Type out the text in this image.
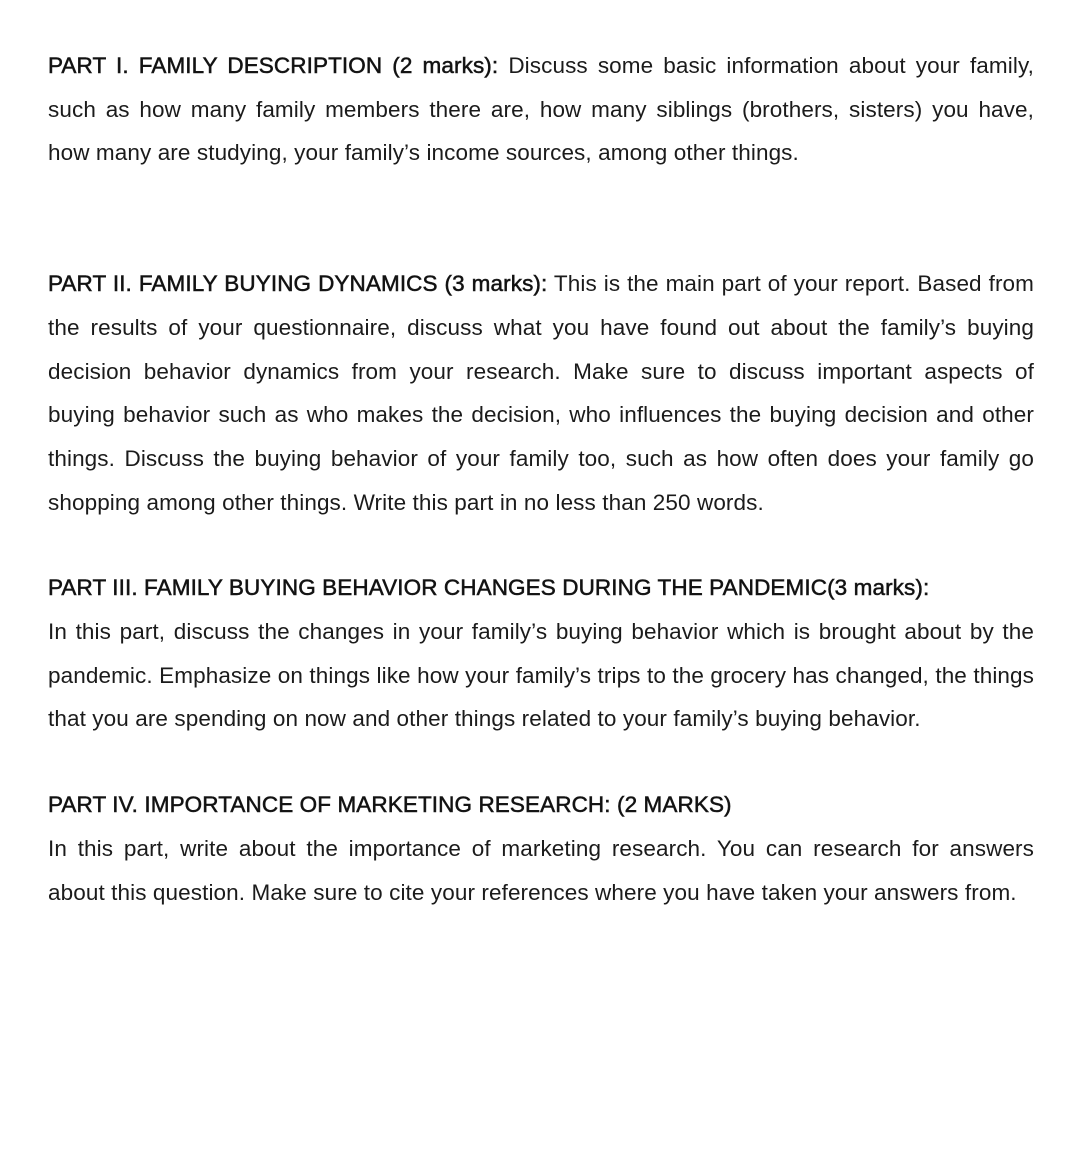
PART I. FAMILY DESCRIPTION (2 marks): Discuss some basic information about your family, such as how many family members there are, how many siblings (brothers, sisters) you have, how many are studying, your family’s income sources, among other things.

PART II. FAMILY BUYING DYNAMICS (3 marks): This is the main part of your report. Based from the results of your questionnaire, discuss what you have found out about the family’s buying decision behavior dynamics from your research. Make sure to discuss important aspects of buying behavior such as who makes the decision, who influences the buying decision and other things. Discuss the buying behavior of your family too, such as how often does your family go shopping among other things. Write this part in no less than 250 words.

PART III. FAMILY BUYING BEHAVIOR CHANGES DURING THE PANDEMIC(3 marks):
In this part, discuss the changes in your family’s buying behavior which is brought about by the pandemic. Emphasize on things like how your family’s trips to the grocery has changed, the things that you are spending on now and other things related to your family’s buying behavior.

PART IV. IMPORTANCE OF MARKETING RESEARCH: (2 MARKS)
In this part, write about the importance of marketing research. You can research for answers about this question. Make sure to cite your references where you have taken your answers from.
